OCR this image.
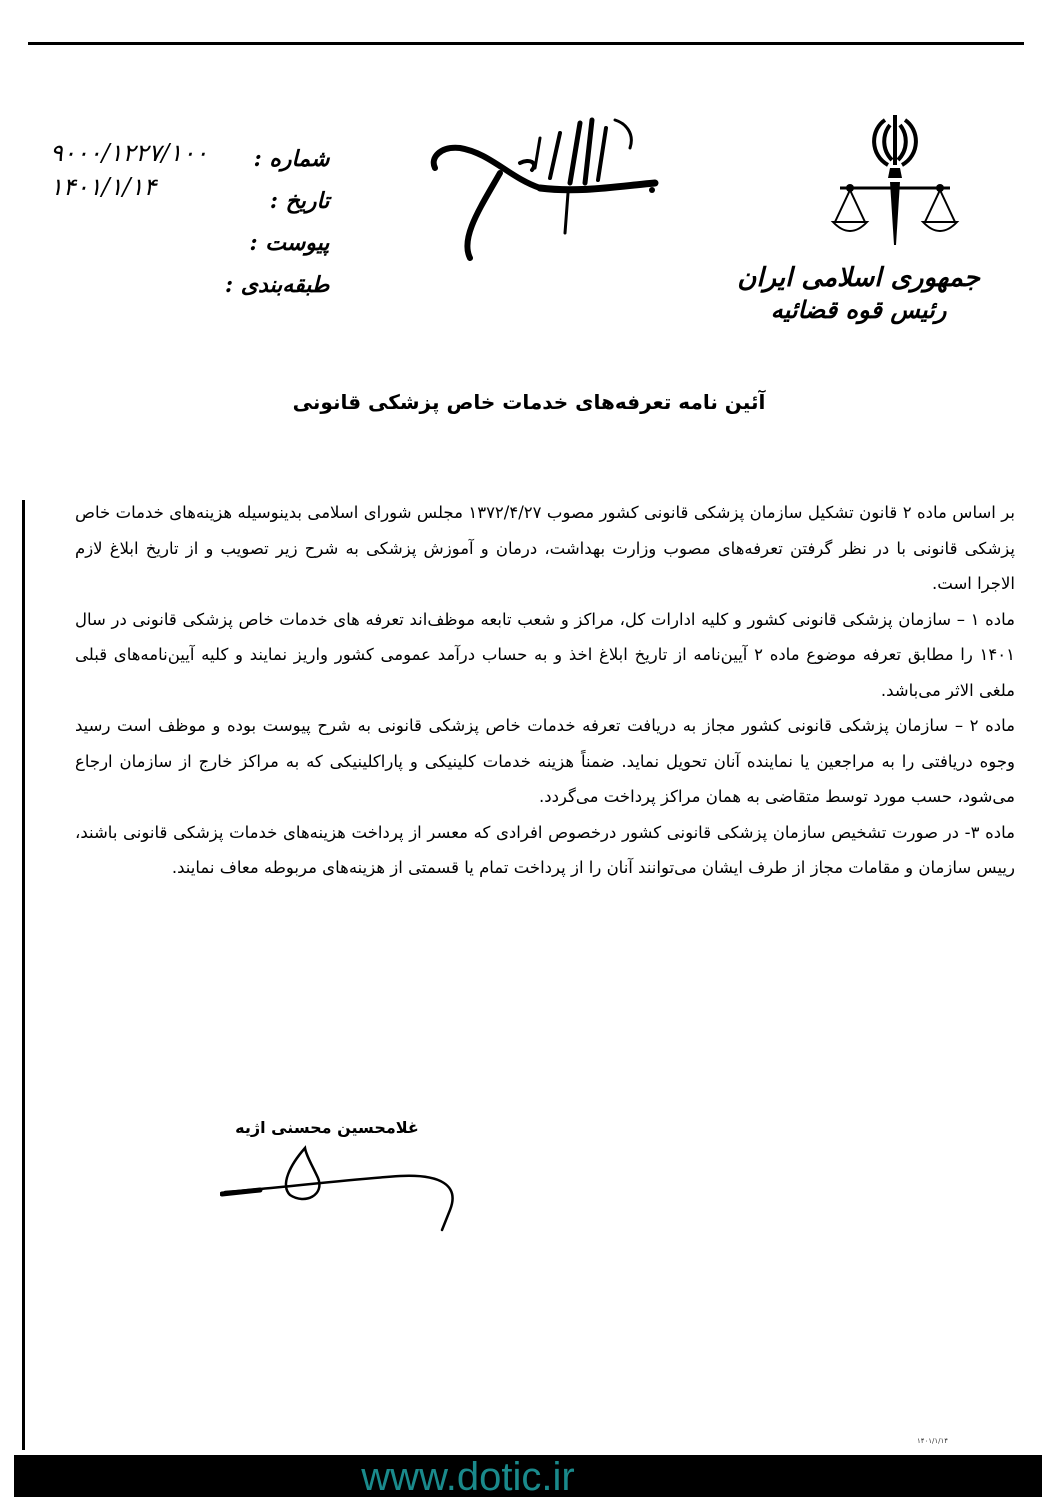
جمهوری اسلامی ایران
رئیس قوه قضائیه
شماره :
تاریخ :
پیوست :
طبقه‌بندی :
۹۰۰۰/۱۲۲۷/۱۰۰
۱۴۰۱/۱/۱۴
آئین نامه تعرفه‌های خدمات خاص پزشکی قانونی

بر اساس ماده ۲ قانون تشکیل سازمان پزشکی قانونی کشور مصوب ۱۳۷۲/۴/۲۷ مجلس شورای اسلامی بدینوسیله هزینه‌های خدمات خاص پزشکی قانونی با در نظر گرفتن تعرفه‌های مصوب وزارت بهداشت، درمان و آموزش پزشکی به شرح زیر تصویب و از تاریخ ابلاغ لازم الاجرا است.

ماده ۱ – سازمان پزشکی قانونی کشور و کلیه ادارات کل، مراکز و شعب تابعه موظف‌اند تعرفه های خدمات خاص پزشکی قانونی در سال ۱۴۰۱ را مطابق تعرفه موضوع ماده ۲ آیین‌نامه از تاریخ ابلاغ اخذ و به حساب درآمد عمومی کشور واریز نمایند و کلیه آیین‌نامه‌های قبلی ملغی الاثر می‌باشد.

ماده ۲ – سازمان پزشکی قانونی کشور مجاز به دریافت تعرفه خدمات خاص پزشکی قانونی به شرح پیوست بوده و موظف است رسید وجوه دریافتی را به مراجعین یا نماینده آنان تحویل نماید. ضمناً هزینه خدمات کلینیکی و پاراکلینیکی که به مراکز خارج از سازمان ارجاع می‌شود، حسب مورد توسط متقاضی به همان مراکز پرداخت می‌گردد.

ماده ۳- در صورت تشخیص سازمان پزشکی قانونی کشور درخصوص افرادی که معسر از پرداخت هزینه‌های خدمات پزشکی قانونی باشند، رییس سازمان و مقامات مجاز از طرف ایشان می‌توانند آنان را از پرداخت تمام یا قسمتی از هزینه‌های مربوطه معاف نمایند.

غلامحسین محسنی اژیه
۱۴۰۱/۱/۱۴
www.dotic.ir
